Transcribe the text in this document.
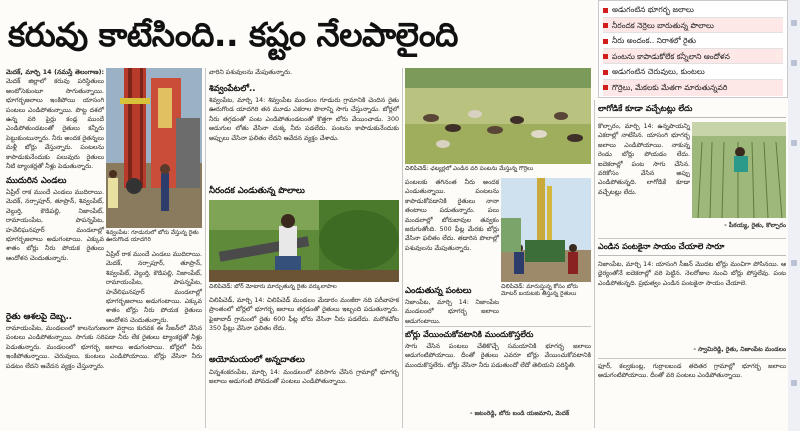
కరువు కాటేసింది.. కష్టం నేలపాలైంది
అడుగంటిన భూగర్భ జలాలు
నీరందక నెర్రెలు బారుతున్న పొలాలు
నీరు అందంక.. నిరాశలో రైతు
పంటను కాపాడుకోలేక కన్నీలాని ఆందోళన
అడుగంటిన చెరువులు, కుంటలు
గొర్రెలు, మేకలకు మేతగా మారుతున్నవరి
మెదక్‌, మార్చి 14 (నమస్తే తెలంగాణ): మెదక్‌ జిల్లాలో కరువు పరిస్థితులు అంటోసెకుంటూ సాగుతున్నాయి. భూగర్భజలాలు ఇంకిపోయి యాసంగి పంటలు ఎండిపోతున్నాయి. పొట్ట దశలో ఉన్న వరి పైర్లు కండ్ల ముందే ఎండిపోతుండటంతో రైతులు కన్నీరు పెట్టుకుంటున్నారు. నీరు అందక రైతన్నలు మళ్లీ బోర్లు వేస్తున్నారు. పంటలను కాపాడుకునేందుకు పలువురు రైతులు నీటి ట్యాంకర్లతో నీళ్లు పెడుతున్నారు.
శివ్వంపేట: గూడురులో బోరు వేస్తున్న రైతు ఊరుగొండ యాదగిరి
ముదురిన ఎండలు
ఏప్రిల్‌ రాక ముందే ఎండలు ముదిరాయి. మెదక్‌, నర్సాపూర్‌, తూప్రాన్‌, శివ్వంపేట్‌, వెల్దుర్తి, కౌడిపల్లి, నిజాంపేట్‌, రామాయంపేట, పాపన్నపేట, హవేలిఘనపూర్‌ మండలాల్లో భూగర్భజలాలు అడుగంటాయి. ఎక్కువ శాతం బోర్లు నీరు పోయక రైతులు ఆందోళన చెందుతున్నారు.
ఏప్రిల్‌ రాక ముందే ఎండలు ముదిరాయి. మెదక్‌, నర్సాపూర్‌, తూప్రాన్‌, శివ్వంపేట్‌, వెల్దుర్తి, కౌడిపల్లి, నిజాంపేట్‌, రామాయంపేట, పాపన్నపేట, హవేలిఘనపూర్‌ మండలాల్లో భూగర్భజలాలు అడుగంటాయి. ఎక్కువ శాతం బోర్లు నీరు పోయక రైతులు ఆందోళన చెందుతున్నారు.
రైతు ఆశలపై దెబ్బ..
రామాయంపేట, మండలంలో కాలనుగుణంగా వర్షాలు కురవక ఈ సీజన్‌లో వేసిన పంటలు ఎండిపోతున్నాయి. సాగుకు సరిపడా నీరు లేక రైతులు ట్యాంకర్లతో నీళ్లు పెడుతున్నారు. మండలంలో భూగర్భ జలాలు అడుగంటాయి. బోర్లలో నీరు ఇంకిపోతున్నాయి. చెరువులు, కుంటలు ఎండిపోయాయి. బోర్లు వేసినా నీరు పడటం లేదని ఆవేదన వ్యక్తం చేస్తున్నారు.
వారిని పశువులను మేపుతున్నారు.
శివ్వంపేటలో..
శివ్వంపేట, మార్చి 14: శివ్వంపేట మండలం గూడురు గ్రామానికి చెందిన రైతు ఊరుగొండ యాదగిరి తన మూడు ఎకరాల పొలాన్ని సాగు చేస్తున్నాడు. బోర్లలో నీరు తగ్గడంతో పంట ఎండిపోతుండటంతో కొత్తగా బోరు వేయించాడు. 300 అడుగుల లోతు వేసినా చుక్క నీరు పడలేదు. పంటను కాపాడుకునేందుకు అప్పులు చేసినా ఫలితం లేదని ఆవేదన వ్యక్తం చేశాడు.
నీరందక ఎండుతున్న పొలాలు
చిలిపిచెడ్‌: బోర్‌ మోటారు మార్చుతున్న రైతు వర్కులాపాల
చిలిపిచెడ్‌, మార్చి 14: చిలిపిచెడ్‌ మండలం మేడారం మంజీరా నది పరీవాహక ప్రాంతంలో బోర్లలో భూగర్భ జలాలు తగ్గడంతో రైతులు ఇబ్బంది పడుతున్నారు. ఫైజాబాద్‌ గ్రామంలో రైతు 600 ఫీట్ల బోరు వేసినా నీరు పడలేదు. మరొకచోట 350 ఫీట్లు వేసినా ఫలితం లేదు.
అయోమయంలో అన్నదాతలు
చిన్నశంకరంపేట, మార్చి 14: మండలంలో వరిసాగు చేసిన గ్రామాల్లో భూగర్భ జలాలు అడుగంటి పోవడంతో పంటలు ఎండిపోతున్నాయి.
చిలిపిచెడ్‌: ఛట్యర్లలో ఎండిన వరి పంటను మేస్తున్న గొర్రెలు
పంటలకు తగినంత నీరు అందక ఎండుతున్నాయి. పంటలను కాపాడుకోవడానికి రైతులు నానా తంటాలు పడుతున్నారు. పలు మండలాల్లో బోరుబావుల తవ్వకం జరుగుతోంది. 500 ఫీట్ల మేరకు బోర్లు వేసినా ఫలితం లేదు. తడారిన పొలాల్లో పశువులను మేపుతున్నారు.
ఎండుతున్న పంటలు
నిజాంపేట, మార్చి 14: నిజాంపేట మండలంలో భూగర్భ జలాలు అడుగంటాయి.
చిలిపిచెడ్‌: మారుస్తున్న కోసం బోరు మోటర్‌ బయటకు తీస్తున్న రైతులు
బోర్లు వేయించుకోవటానికి ముందుకొస్తలేరు
సాగు చేసిన పంటలు చేతికొచ్చే సమయానికి భూగర్భ జలాలు అడుగంటిపోయాయి. దీంతో రైతులు ఎవరూ బోర్లు వేయించుకోవటానికి ముందుకొస్తలేరు. బోర్లు వేసినా నీరు పడుతుందో లేదో తెలియని పరిస్థితి.
- జటంరెడ్డి, బోరు బండి యజమాని, మెదక్‌
లాగోడికే కూడా వచ్చేటట్లు లేదు
కొల్చారం, మార్చి 14: ఉన్నపాయన్ని ఎకరాల్లో నాటేసిన. యాసంగి భూగర్భ జలాలు ఎండిపోయాయి. నాకున్న రెండు బోర్లు పోయడం లేదు. ఐదెకరాల్లో పంట సాగు చేసిన. వరికోసం వేసిన అప్పు ఎండిపోతున్నది. లాగోడికే కూడా వచ్చేటట్లు లేదు.
- పీఠయ్య, రైతు, కొల్చారం
ఎండిన పంటకైనా సాయం చేయాలె సారూ
నిజాంపేట, మార్చి 14: యాసంగి సీజన్‌ మొదట బోర్లు మంచిగా పోసినయి. ఆ ధైర్యంతోనే ఐదెకరాల్లో వరి పెట్టిన. నెలరోజుల నుంచి బోర్లు పోస్తలేవు. పంట ఎండిపోతున్నది. ప్రభుత్వం ఎండిన పంటకైనా సాయం చేయాలె.
- స్వామిరెడ్డి, రైతు, నిజాంపేట మండలం
ఫూర్‌, కల్వకుంట్ల, గుర్రాలబండ తదితర గ్రామాల్లో భూగర్భ జలాలు అడుగంటిపోయాయి. దీంతో వరి పంటలు ఎండిపోతున్నాయి.
